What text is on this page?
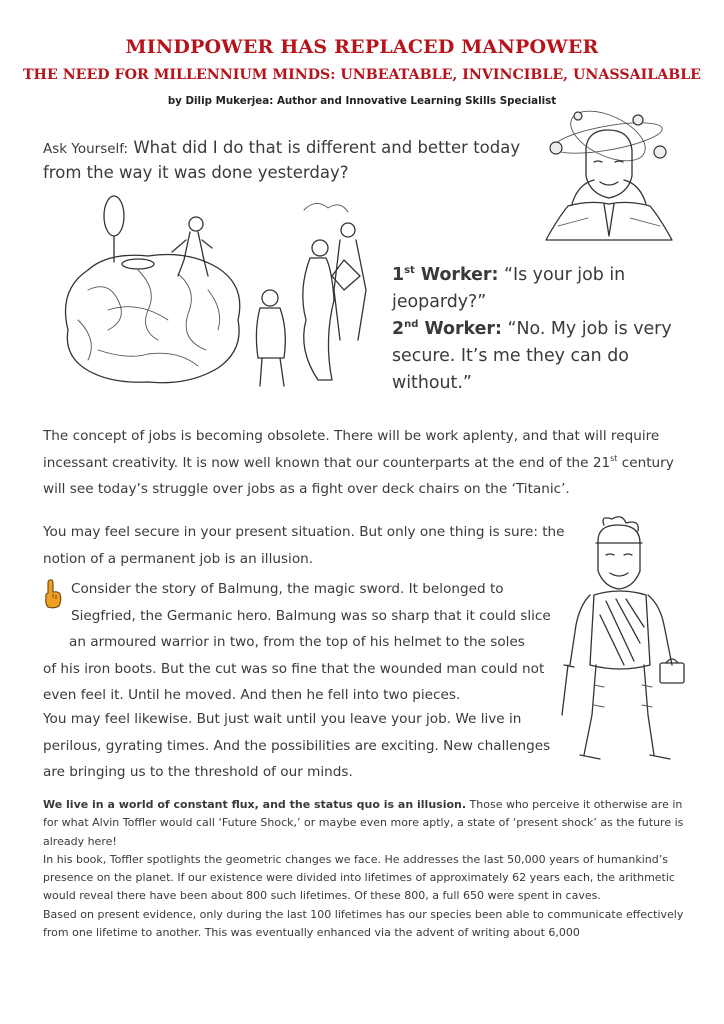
MINDPOWER HAS REPLACED MANPOWER
THE NEED FOR MILLENNIUM MINDS: UNBEATABLE, INVINCIBLE, UNASSAILABLE
by Dilip Mukerjea: Author and Innovative Learning Skills Specialist
Ask Yourself: What did I do that is different and better today from the way it was done yesterday?
1st Worker: “Is your job in jeopardy?”
2nd Worker: “No. My job is very secure. It’s me they can do without.”
The concept of jobs is becoming obsolete. There will be work aplenty, and that will require incessant creativity. It is now well known that our counterparts at the end of the 21st century will see today’s struggle over jobs as a fight over deck chairs on the ‘Titanic’.
You may feel secure in your present situation. But only one thing is sure: the notion of a permanent job is an illusion.
Consider the story of Balmung, the magic sword. It belonged to
Siegfried, the Germanic hero. Balmung was so sharp that it could slice
an armoured warrior in two, from the top of his helmet to the soles
of his iron boots. But the cut was so fine that the wounded man could not
even feel it. Until he moved. And then he fell into two pieces.
You may feel likewise. But just wait until you leave your job. We live in perilous, gyrating times. And the possibilities are exciting. New challenges are bringing us to the threshold of our minds.

We live in a world of constant flux, and the status quo is an illusion. Those who perceive it otherwise are in for what Alvin Toffler would call ‘Future Shock,’ or maybe even more aptly, a state of ‘present shock’ as the future is already here!

In his book, Toffler spotlights the geometric changes we face. He addresses the last 50,000 years of humankind’s presence on the planet. If our existence were divided into lifetimes of approximately 62 years each, the arithmetic would reveal there have been about 800 such lifetimes. Of these 800, a full 650 were spent in caves.

Based on present evidence, only during the last 100 lifetimes has our species been able to communicate effectively from one lifetime to another. This was eventually enhanced via the advent of writing about 6,000
